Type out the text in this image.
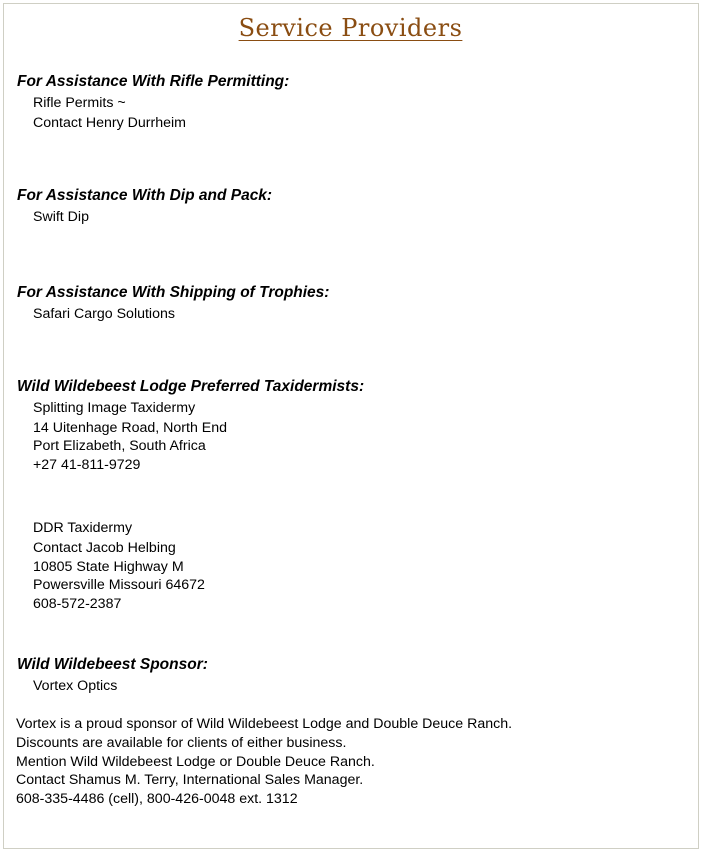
Service Providers
For Assistance With Rifle Permitting:
Rifle Permits ~
Contact Henry Durrheim
For Assistance With Dip and Pack:
Swift Dip
For Assistance With Shipping of Trophies:
Safari Cargo Solutions
Wild Wildebeest Lodge Preferred Taxidermists:
Splitting Image Taxidermy
14 Uitenhage Road, North End
Port Elizabeth, South Africa
+27 41-811-9729
DDR Taxidermy
Contact Jacob Helbing
10805 State Highway M
Powersville Missouri 64672
608-572-2387
Wild Wildebeest Sponsor:
Vortex Optics
Vortex is a proud sponsor of Wild Wildebeest Lodge and Double Deuce Ranch.
Discounts are available for clients of either business.
Mention Wild Wildebeest Lodge or Double Deuce Ranch.
Contact Shamus M. Terry, International Sales Manager.
608-335-4486 (cell), 800-426-0048 ext. 1312
